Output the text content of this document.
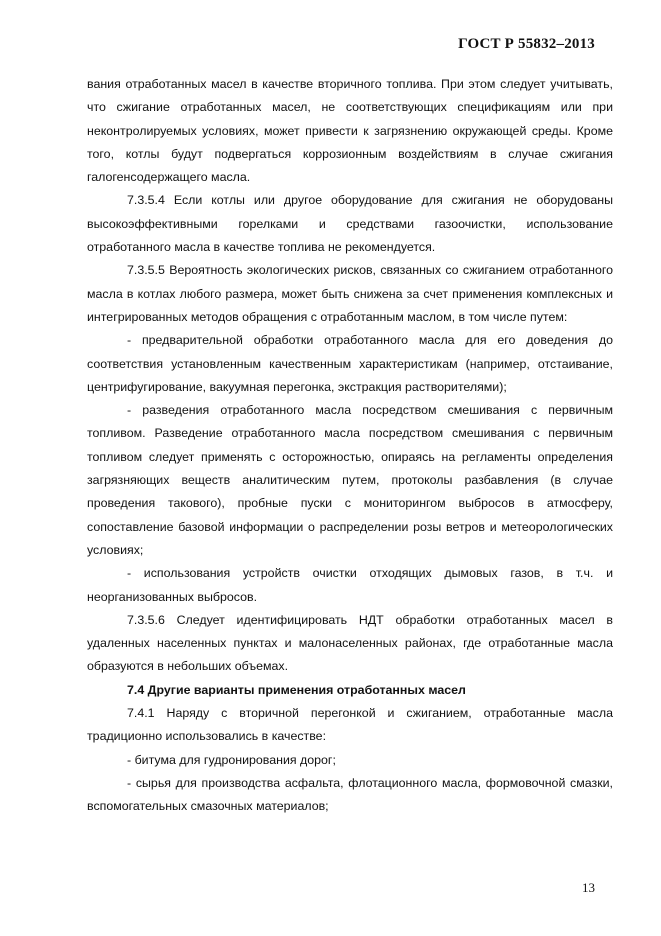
ГОСТ Р 55832–2013

вания отработанных масел в качестве вторичного топлива. При этом следует учитывать, что сжигание отработанных масел, не соответствующих спецификациям или при неконтролируемых условиях, может привести к загрязнению окружающей среды. Кроме того, котлы будут подвергаться коррозионным воздействиям в случае сжигания галогенсодержащего масла.

7.3.5.4 Если котлы или другое оборудование для сжигания не оборудованы высокоэффективными горелками и средствами газоочистки, использование отработанного масла в качестве топлива не рекомендуется.

7.3.5.5 Вероятность экологических рисков, связанных со сжиганием отработанного масла в котлах любого размера, может быть снижена за счет применения комплексных и интегрированных методов обращения с отработанным маслом, в том числе путем:

- предварительной обработки отработанного масла для его доведения до соответствия установленным качественным характеристикам (например, отстаивание, центрифугирование, вакуумная перегонка, экстракция растворителями);

- разведения отработанного масла посредством смешивания с первичным топливом. Разведение отработанного масла посредством смешивания с первичным топливом следует применять с осторожностью, опираясь на регламенты определения загрязняющих веществ аналитическим путем, протоколы разбавления (в случае проведения такового), пробные пуски с мониторингом выбросов в атмосферу, сопоставление базовой информации о распределении розы ветров и метеорологических условиях;

- использования устройств очистки отходящих дымовых газов, в т.ч. и неорганизованных выбросов.

7.3.5.6 Следует идентифицировать НДТ обработки отработанных масел в удаленных населенных пунктах и малонаселенных районах, где отработанные масла образуются в небольших объемах.

7.4 Другие варианты применения отработанных масел

7.4.1 Наряду с вторичной перегонкой и сжиганием, отработанные масла традиционно использовались в качестве:

- битума для гудронирования дорог;

- сырья для производства асфальта, флотационного масла, формовочной смазки, вспомогательных смазочных материалов;

13
